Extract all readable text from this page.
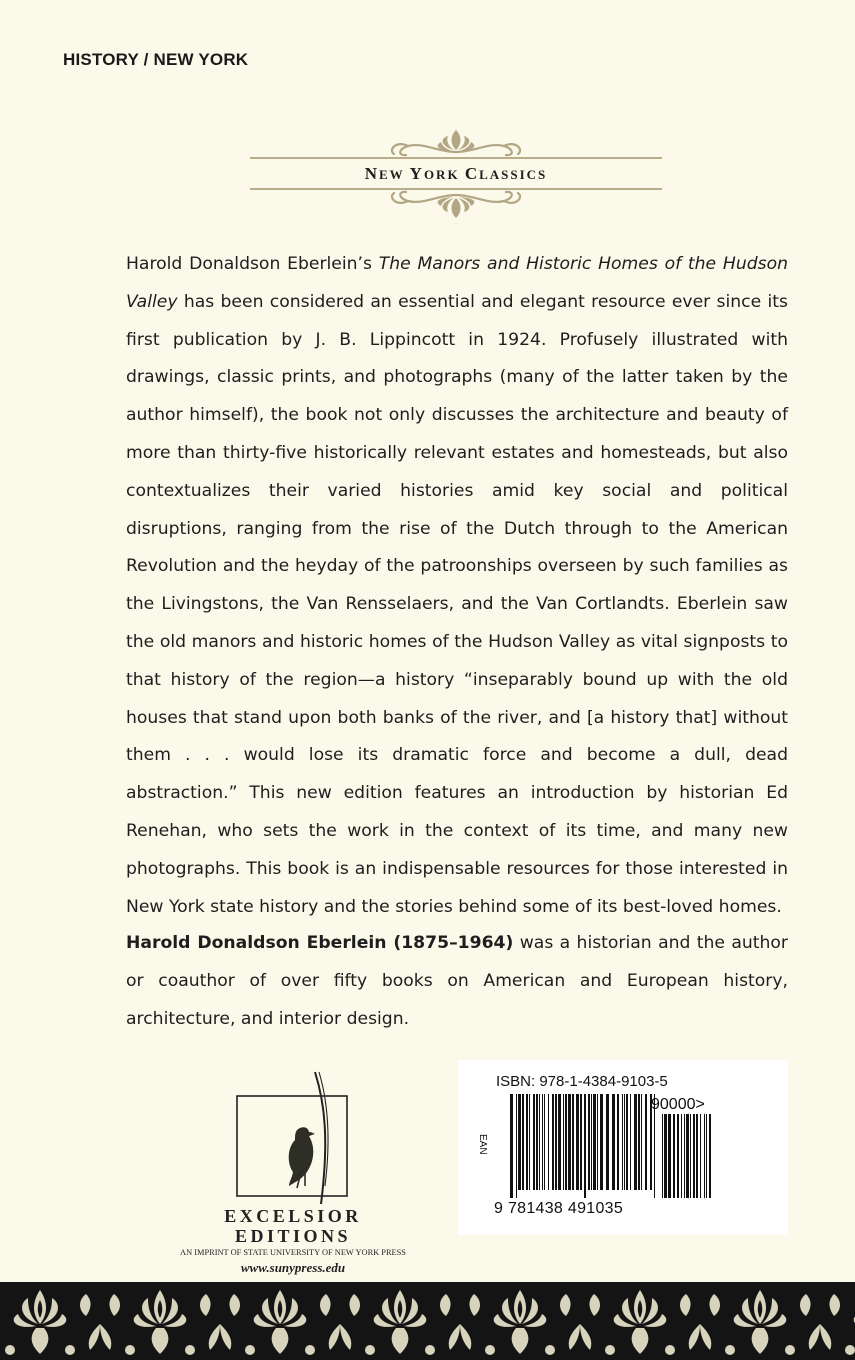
HISTORY / NEW YORK
NEW YORK CLASSICS

Harold Donaldson Eberlein’s The Manors and Historic Homes of the Hudson Valley has been considered an essential and elegant resource ever since its first publication by J. B. Lippincott in 1924. Profusely illustrated with drawings, classic prints, and photographs (many of the latter taken by the author himself), the book not only discusses the architecture and beauty of more than thirty-five historically relevant estates and homesteads, but also contextualizes their varied histories amid key social and political disruptions, ranging from the rise of the Dutch through to the American Revolution and the heyday of the patroonships overseen by such families as the Livingstons, the Van Rensselaers, and the Van Cortlandts. Eberlein saw the old manors and historic homes of the Hudson Valley as vital signposts to that history of the region—a history “inseparably bound up with the old houses that stand upon both banks of the river, and [a history that] without them . . . would lose its dramatic force and become a dull, dead abstraction.” This new edition features an introduction by historian Ed Renehan, who sets the work in the context of its time, and many new photographs. This book is an indispensable resources for those interested in New York state history and the stories behind some of its best-loved homes.

Harold Donaldson Eberlein (1875–1964) was a historian and the author or coauthor of over fifty books on American and European history, architecture, and interior design.

EXCELSIOR
EDITIONS
AN IMPRINT OF STATE UNIVERSITY OF NEW YORK PRESS
www.sunypress.edu
ISBN: 978-1-4384-9103-5
EAN
90000>
9 781438 491035
